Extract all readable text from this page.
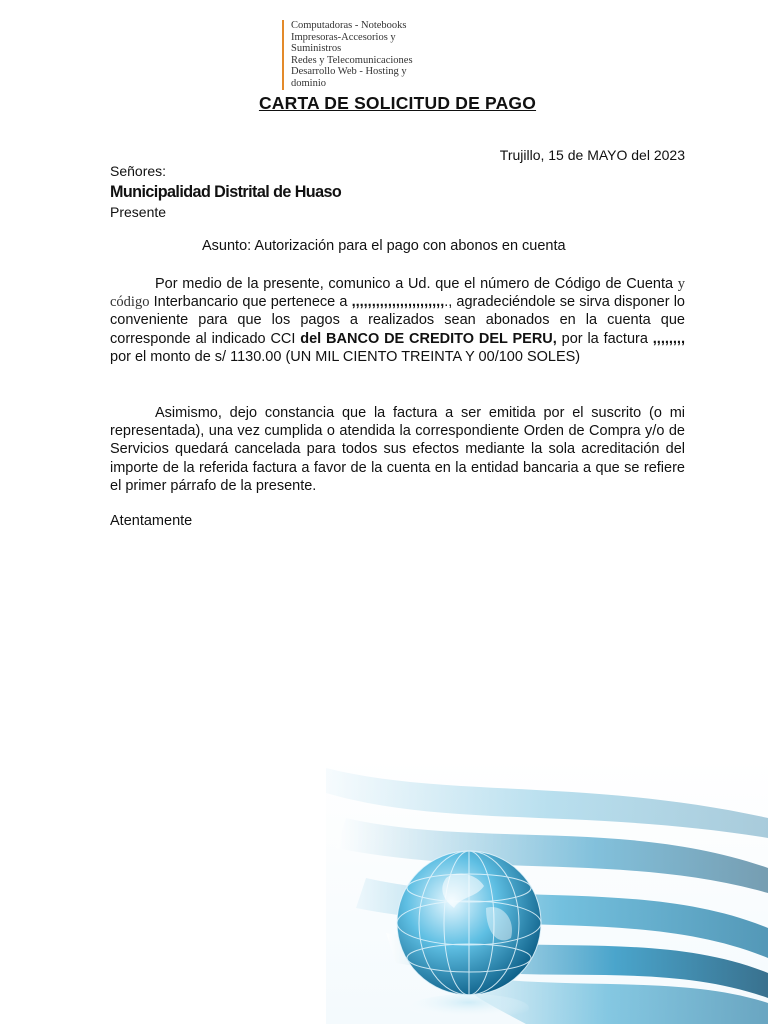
Computadoras - Notebooks
Impresoras-Accesorios y
Suministros
Redes y Telecomunicaciones
Desarrollo Web - Hosting y
dominio
CARTA DE SOLICITUD DE PAGO
Trujillo, 15 de MAYO del 2023
Señores:
Municipalidad Distrital de Huaso
Presente
Asunto: Autorización para el pago con abonos en cuenta
Por medio de la presente, comunico a Ud. que el número de Código de Cuenta y código Interbancario que pertenece a ,,,,,,,,,,,,,,,,,,,,,,,., agradeciéndole se sirva disponer lo conveniente para que los pagos a realizados sean abonados en la cuenta que corresponde al indicado CCI del BANCO DE CREDITO DEL PERU, por la factura ,,,,,,,, por el monto de s/ 1130.00 (UN MIL CIENTO TREINTA Y 00/100 SOLES)
Asimismo, dejo constancia que la factura a ser emitida por el suscrito (o mi representada), una vez cumplida o atendida la correspondiente Orden de Compra y/o de Servicios quedará cancelada para todos sus efectos mediante la sola acreditación del importe de la referida factura a favor de la cuenta en la entidad bancaria a que se refiere el primer párrafo de la presente.
Atentamente
